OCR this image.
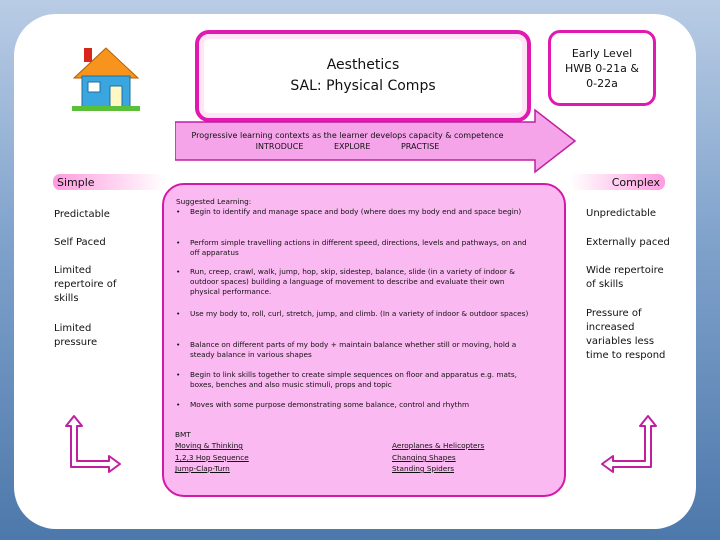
Aesthetics
SAL: Physical Comps
Early Level
HWB 0-21a &
0-22a
Progressive learning contexts as the learner develops capacity & competence
INTRODUCE	EXPLORE	PRACTISE
Simple	Complex
Predictable
Self Paced
Limited repertoire of skills
Limited pressure
Unpredictable
Externally paced
Wide repertoire of skills
Pressure of increased variables less time to respond
Suggested Learning:
• Begin to identify and manage space and body (where does my body end and space begin)
• Perform simple travelling actions in different speed, directions, levels and pathways, on and off apparatus
• Run, creep, crawl, walk, jump, hop, skip, sidestep, balance, slide (in a variety of indoor & outdoor spaces) building a language of movement to describe and evaluate their own physical performance.
• Use my body to, roll, curl, stretch, jump, and climb. (In a variety of indoor & outdoor spaces)
• Balance on different parts of my body + maintain balance whether still or moving, hold a steady balance in various shapes
• Begin to link skills together to create simple sequences on floor and apparatus e.g. mats, boxes, benches and also music stimuli, props and topic
• Moves with some purpose demonstrating some balance, control and rhythm
BMT
Moving & Thinking
1,2,3 Hop Sequence
Jump-Clap-Turn
Aeroplanes & Helicopters
Changing Shapes
Standing Spiders
